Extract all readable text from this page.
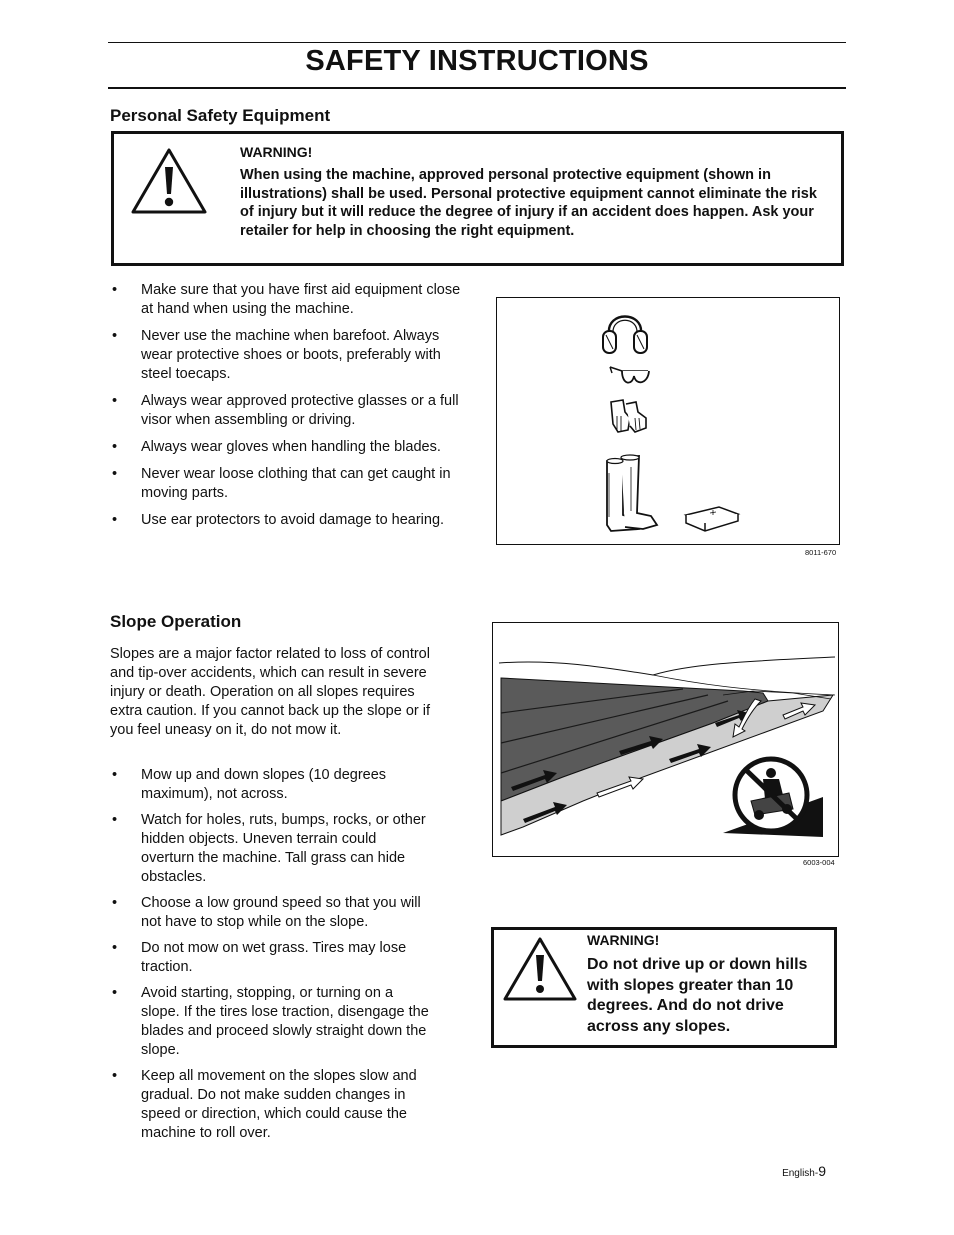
SAFETY INSTRUCTIONS
Personal Safety Equipment
WARNING!
When using the machine, approved personal protective equipment (shown in illustrations) shall be used. Personal protective equipment cannot eliminate the risk of injury but it will reduce the degree of injury if an accident does happen. Ask your retailer for help in choosing the right equipment.
• Make sure that you have first aid equipment close at hand when using the machine.
• Never use the machine when barefoot. Always wear protective shoes or boots, preferably with steel toecaps.
• Always wear approved protective glasses or a full visor when assembling or driving.
• Always wear gloves when handling the blades.
• Never wear loose clothing that can get caught in moving parts.
• Use ear protectors to avoid damage to hearing.
8011-670
Slope Operation
Slopes are a major factor related to loss of control and tip-over accidents, which can result in severe injury or death. Operation on all slopes requires extra caution. If you cannot back up the slope or if you feel uneasy on it, do not mow it.
• Mow up and down slopes (10 degrees maximum), not across.
• Watch for holes, ruts, bumps, rocks, or other hidden objects. Uneven terrain could overturn the machine. Tall grass can hide obstacles.
• Choose a low ground speed so that you will not have to stop while on the slope.
• Do not mow on wet grass. Tires may lose traction.
• Avoid starting, stopping, or turning on a slope. If the tires lose traction, disengage the blades and proceed slowly straight down the slope.
• Keep all movement on the slopes slow and gradual. Do not make sudden changes in speed or direction, which could cause the machine to roll over.
6003-004
WARNING!
Do not drive up or down hills with slopes greater than 10 degrees. And do not drive across any slopes.
English-9
